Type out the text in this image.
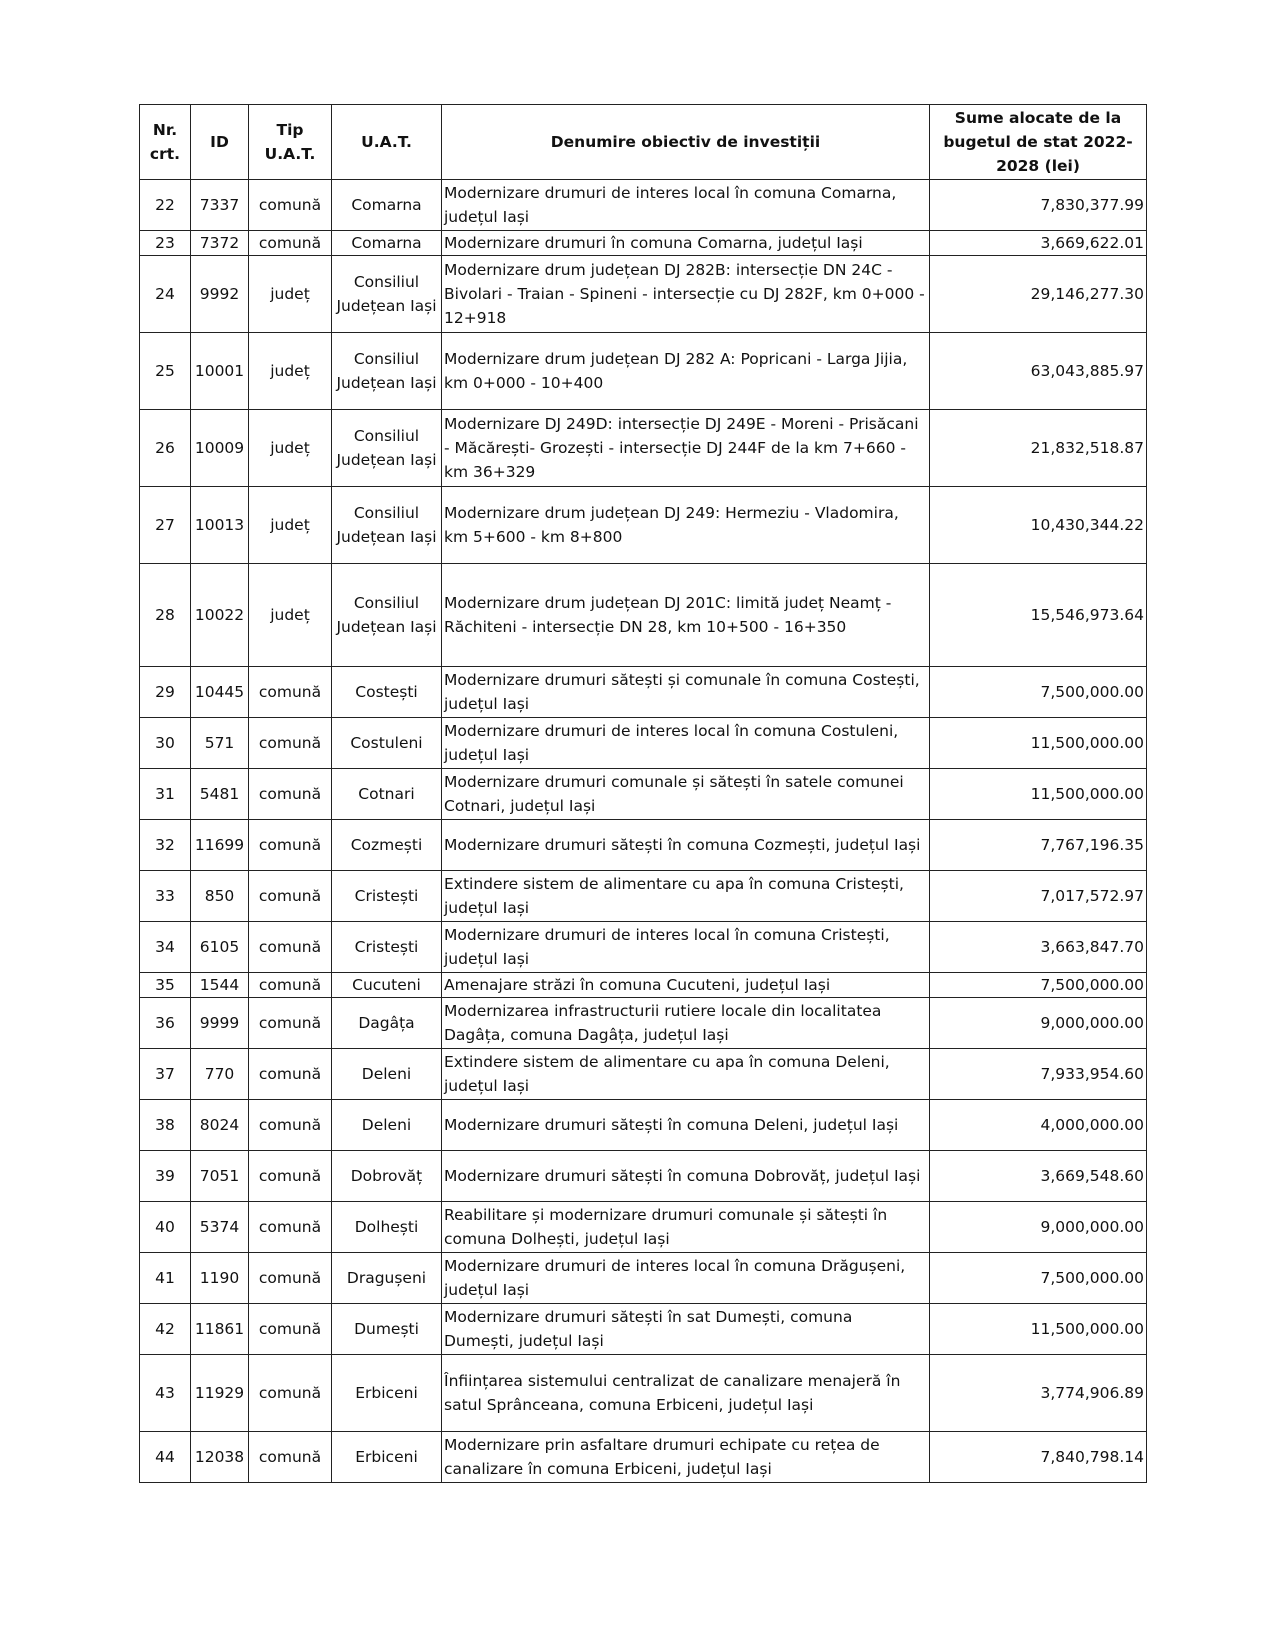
Nr. crt.	ID	Tip U.A.T.	U.A.T.	Denumire obiectiv de investiții	Sume alocate de la bugetul de stat 2022-2028 (lei)
22	7337	comună	Comarna	Modernizare drumuri de interes local în comuna Comarna, județul Iași	7,830,377.99
23	7372	comună	Comarna	Modernizare drumuri în comuna Comarna, județul Iași	3,669,622.01
24	9992	județ	Consiliul Județean Iași	Modernizare drum județean DJ 282B: intersecție DN 24C - Bivolari - Traian - Spineni - intersecție cu DJ 282F, km 0+000 - 12+918	29,146,277.30
25	10001	județ	Consiliul Județean Iași	Modernizare drum județean DJ 282 A: Popricani - Larga Jijia, km 0+000 - 10+400	63,043,885.97
26	10009	județ	Consiliul Județean Iași	Modernizare DJ 249D: intersecție DJ 249E - Moreni - Prisăcani - Măcărești- Grozești - intersecție DJ 244F de la km 7+660 - km 36+329	21,832,518.87
27	10013	județ	Consiliul Județean Iași	Modernizare drum județean DJ 249: Hermeziu - Vladomira, km 5+600 - km 8+800	10,430,344.22
28	10022	județ	Consiliul Județean Iași	Modernizare drum județean DJ 201C: limită județ Neamț - Răchiteni - intersecție DN 28, km 10+500 - 16+350	15,546,973.64
29	10445	comună	Costești	Modernizare drumuri sătești și comunale în comuna Costești, județul Iași	7,500,000.00
30	571	comună	Costuleni	Modernizare drumuri de interes local în comuna Costuleni, județul Iași	11,500,000.00
31	5481	comună	Cotnari	Modernizare drumuri comunale și sătești în satele comunei Cotnari, județul Iași	11,500,000.00
32	11699	comună	Cozmești	Modernizare drumuri sătești în comuna Cozmești, județul Iași	7,767,196.35
33	850	comună	Cristești	Extindere sistem de alimentare cu apa în comuna Cristești, județul Iași	7,017,572.97
34	6105	comună	Cristești	Modernizare drumuri de interes local în comuna Cristești, județul Iași	3,663,847.70
35	1544	comună	Cucuteni	Amenajare străzi în comuna Cucuteni, județul Iași	7,500,000.00
36	9999	comună	Dagâța	Modernizarea infrastructurii rutiere locale din localitatea Dagâța, comuna Dagâța, județul Iași	9,000,000.00
37	770	comună	Deleni	Extindere sistem de alimentare cu apa în comuna Deleni, județul Iași	7,933,954.60
38	8024	comună	Deleni	Modernizare drumuri sătești în comuna Deleni, județul Iași	4,000,000.00
39	7051	comună	Dobrovăț	Modernizare drumuri sătești în comuna Dobrovăț, județul Iași	3,669,548.60
40	5374	comună	Dolhești	Reabilitare și modernizare drumuri comunale și sătești în comuna Dolhești, județul Iași	9,000,000.00
41	1190	comună	Dragușeni	Modernizare drumuri de interes local în comuna Drăgușeni, județul Iași	7,500,000.00
42	11861	comună	Dumești	Modernizare drumuri sătești în sat Dumești, comuna Dumești, județul Iași	11,500,000.00
43	11929	comună	Erbiceni	Înființarea sistemului centralizat de canalizare menajeră în satul Sprânceana, comuna Erbiceni, județul Iași	3,774,906.89
44	12038	comună	Erbiceni	Modernizare prin asfaltare drumuri echipate cu rețea de canalizare în comuna Erbiceni, județul Iași	7,840,798.14
